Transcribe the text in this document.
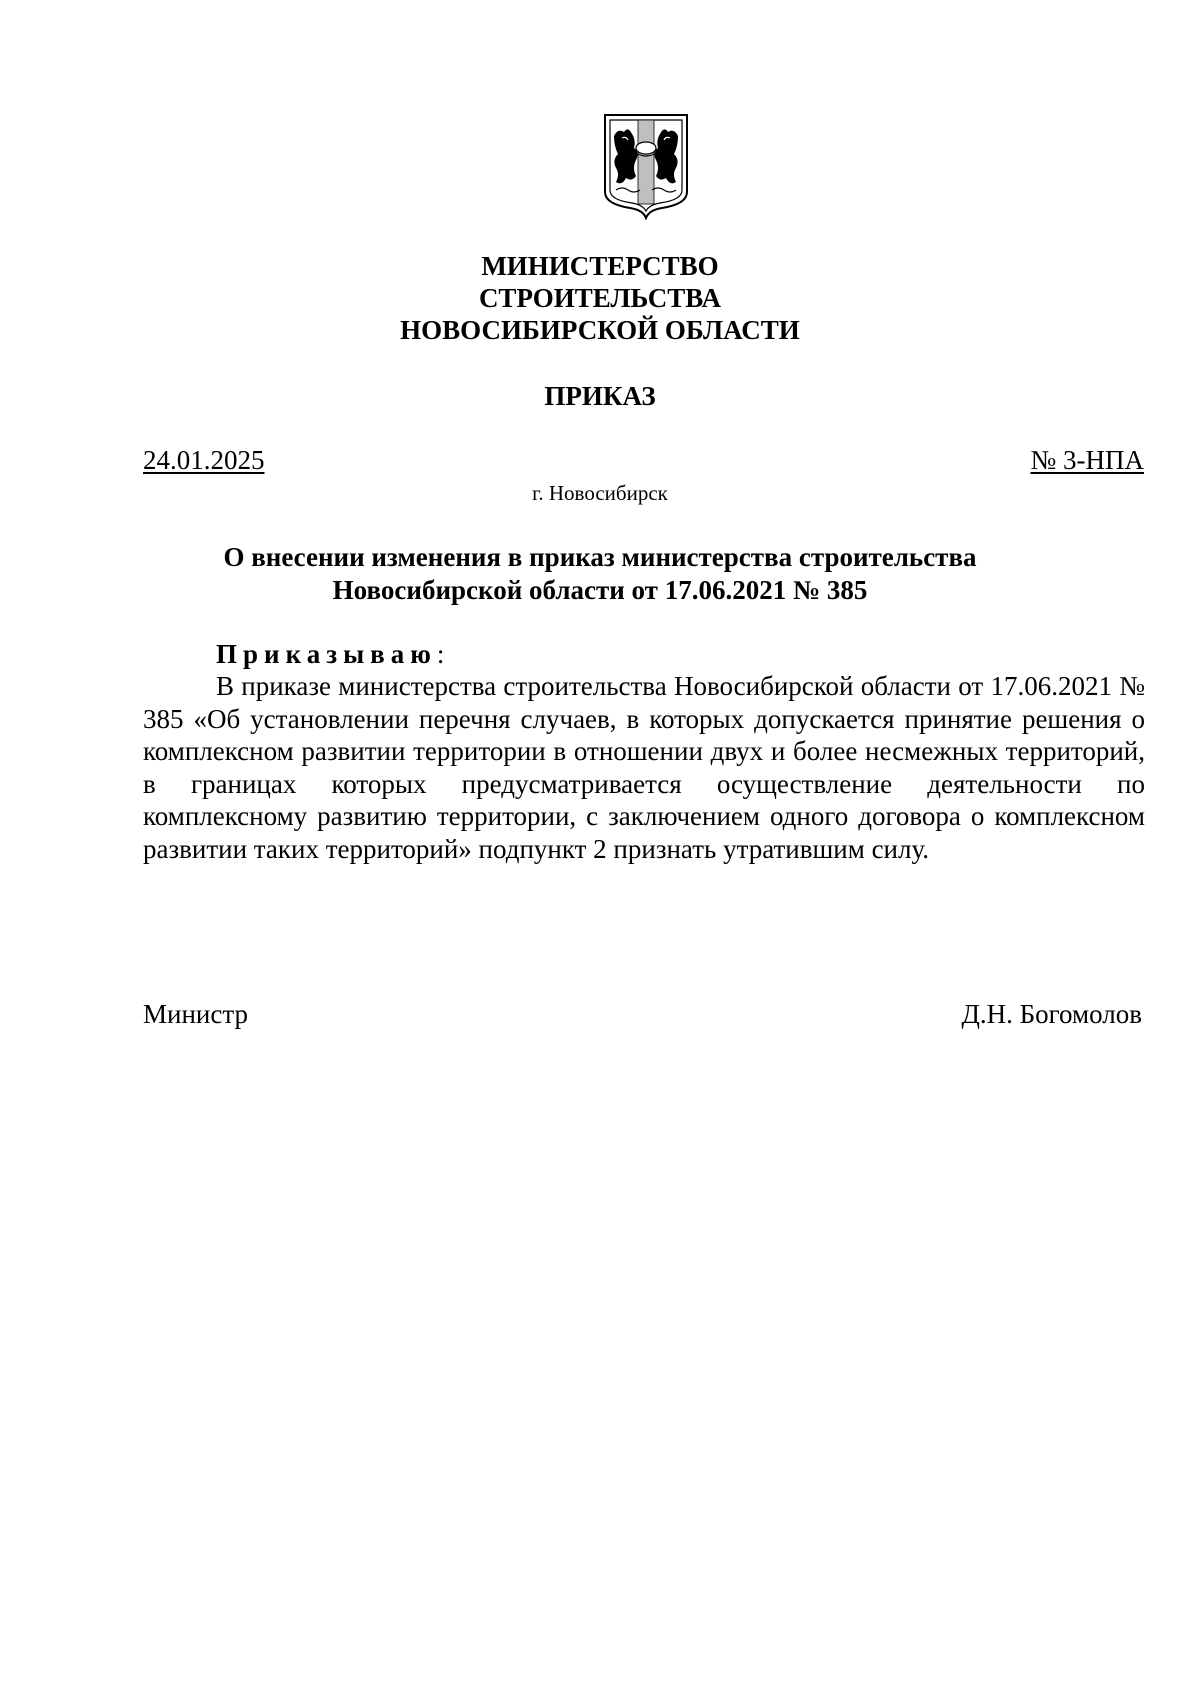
МИНИСТЕРСТВО
СТРОИТЕЛЬСТВА
НОВОСИБИРСКОЙ ОБЛАСТИ
ПРИКАЗ
24.01.2025	№ 3-НПА
г. Новосибирск
О внесении изменения в приказ министерства строительства
Новосибирской области от 17.06.2021 № 385
Приказываю:

В приказе министерства строительства Новосибирской области от 17.06.2021 № 385 «Об установлении перечня случаев, в которых допускается принятие решения о комплексном развитии территории в отношении двух и более несмежных территорий, в границах которых предусматривается осуществление деятельности по комплексному развитию территории, с заключением одного договора о комплексном развитии таких территорий» подпункт 2 признать утратившим силу.

Министр	Д.Н. Богомолов
